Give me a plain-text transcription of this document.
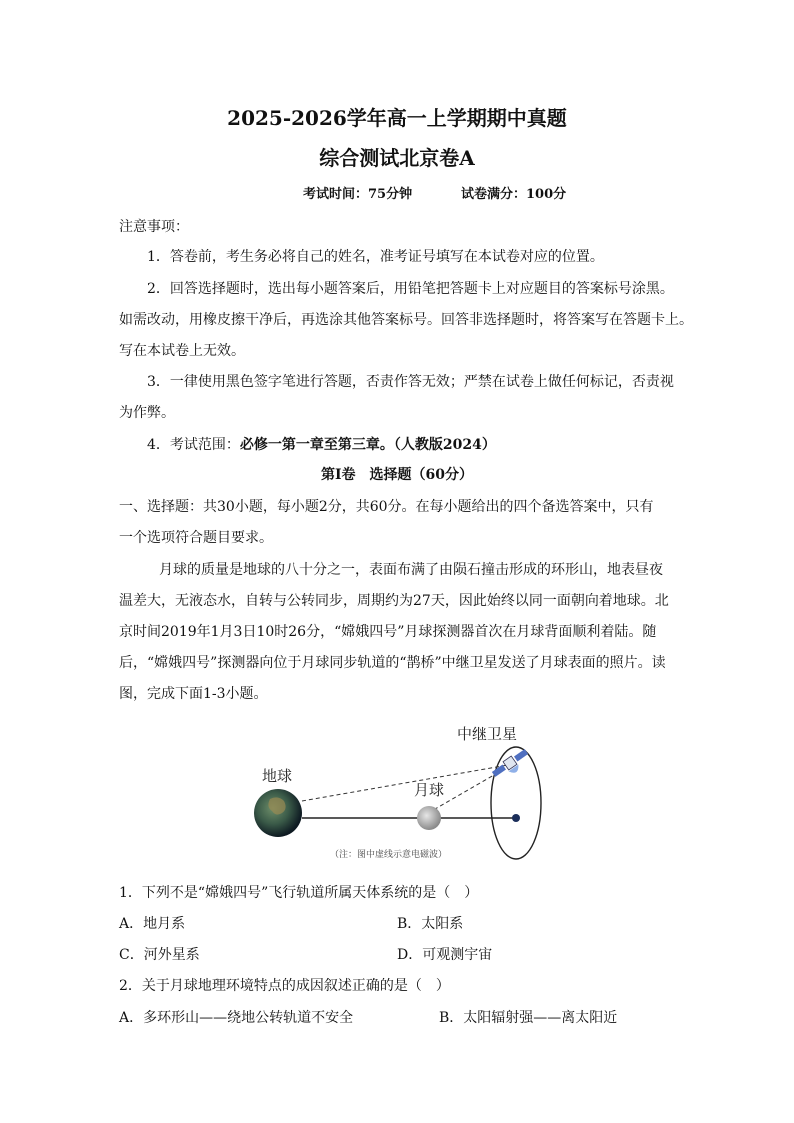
2025-2026学年高一上学期期中真题
综合测试北京卷A
考试时间：75分钟	试卷满分：100分
注意事项：
1．答卷前，考生务必将自己的姓名，准考证号填写在本试卷对应的位置。
2．回答选择题时，选出每小题答案后，用铅笔把答题卡上对应题目的答案标号涂黑。
如需改动，用橡皮擦干净后，再选涂其他答案标号。回答非选择题时，将答案写在答题卡上。
写在本试卷上无效。
3．一律使用黑色签字笔进行答题，否责作答无效；严禁在试卷上做任何标记，否责视
为作弊。
4．考试范围：必修一第一章至第三章。（人教版2024）
第Ⅰ卷　选择题（60分）
一、选择题：共30小题，每小题2分，共60分。在每小题给出的四个备选答案中，只有
一个选项符合题目要求。
月球的质量是地球的八十分之一，表面布满了由陨石撞击形成的环形山，地表昼夜
温差大，无液态水，自转与公转同步，周期约为27天，因此始终以同一面朝向着地球。北
京时间2019年1月3日10时26分，“嫦娥四号”月球探测器首次在月球背面顺利着陆。随
后，“嫦娥四号”探测器向位于月球同步轨道的“鹊桥”中继卫星发送了月球表面的照片。读
图，完成下面1-3小题。
中继卫星
地球
月球
（注：图中虚线示意电磁波）
1．下列不是“嫦娥四号”飞行轨道所属天体系统的是（　）
A．地月系	B．太阳系
C．河外星系	D．可观测宇宙
2．关于月球地理环境特点的成因叙述正确的是（　）
A．多环形山——绕地公转轨道不安全	B．太阳辐射强——离太阳近
